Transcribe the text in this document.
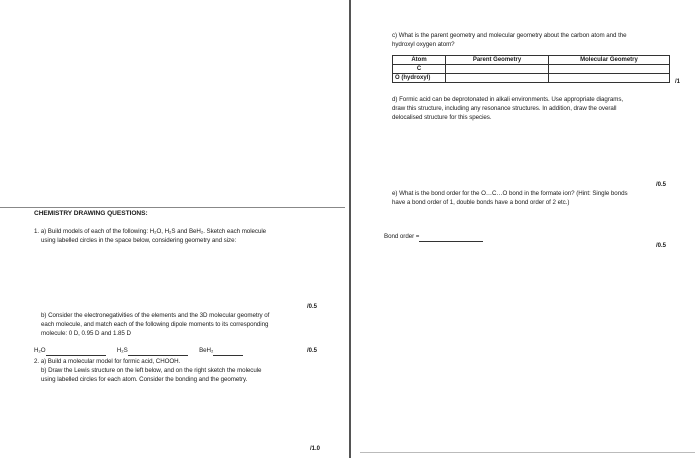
CHEMISTRY DRAWING QUESTIONS:
1. a) Build models of each of the following: H₂O, H₂S and BeH₂. Sketch each molecule
using labelled circles in the space below, considering geometry and size:
/0.5
b) Consider the electronegativities of the elements and the 3D molecular geometry of
each molecule, and match each of the following dipole moments to its corresponding
molecule: 0 D, 0.95 D and 1.85 D
H₂O	H₂S	BeH₂	/0.5
2. a) Build a molecular model for formic acid, CHOOH.
b) Draw the Lewis structure on the left below, and on the right sketch the molecule
using labelled circles for each atom. Consider the bonding and the geometry.
/1.0
c) What is the parent geometry and molecular geometry about the carbon atom and the
hydroxyl oxygen atom?
Atom	Parent Geometry	Molecular Geometry
C		
O (hydroxyl)		
/1
d) Formic acid can be deprotonated in alkali environments. Use appropriate diagrams,
draw this structure, including any resonance structures. In addition, draw the overall
delocalised structure for this species.
/0.5
e) What is the bond order for the O…C…O bond in the formate ion? (Hint: Single bonds
have a bond order of 1, double bonds have a bond order of 2 etc.)
Bond order =
/0.5
